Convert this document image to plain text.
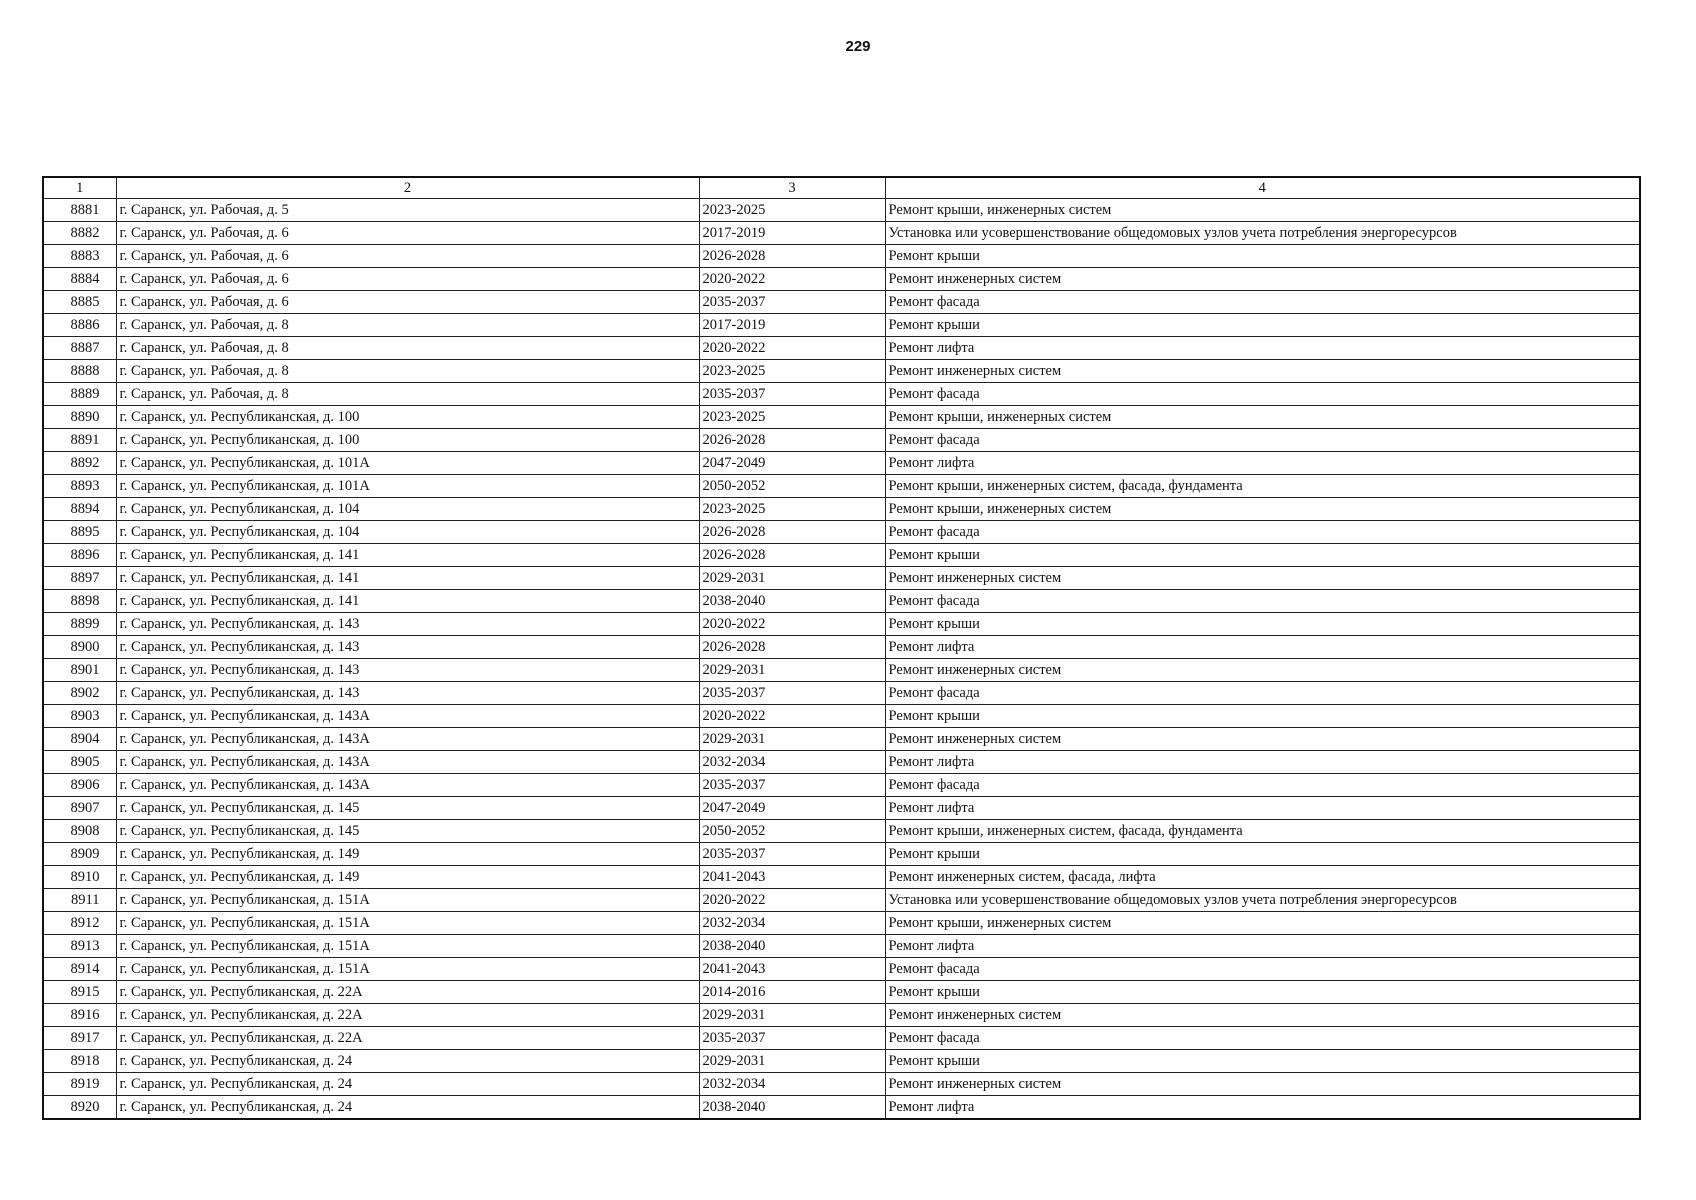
229
1	2	3	4
8881	г. Саранск, ул. Рабочая, д. 5	2023-2025	Ремонт крыши, инженерных систем
8882	г. Саранск, ул. Рабочая, д. 6	2017-2019	Установка или усовершенствование общедомовых узлов учета потребления энергоресурсов
8883	г. Саранск, ул. Рабочая, д. 6	2026-2028	Ремонт крыши
8884	г. Саранск, ул. Рабочая, д. 6	2020-2022	Ремонт инженерных систем
8885	г. Саранск, ул. Рабочая, д. 6	2035-2037	Ремонт фасада
8886	г. Саранск, ул. Рабочая, д. 8	2017-2019	Ремонт крыши
8887	г. Саранск, ул. Рабочая, д. 8	2020-2022	Ремонт лифта
8888	г. Саранск, ул. Рабочая, д. 8	2023-2025	Ремонт инженерных систем
8889	г. Саранск, ул. Рабочая, д. 8	2035-2037	Ремонт фасада
8890	г. Саранск, ул. Республиканская, д. 100	2023-2025	Ремонт крыши, инженерных систем
8891	г. Саранск, ул. Республиканская, д. 100	2026-2028	Ремонт фасада
8892	г. Саранск, ул. Республиканская, д. 101А	2047-2049	Ремонт лифта
8893	г. Саранск, ул. Республиканская, д. 101А	2050-2052	Ремонт крыши, инженерных систем, фасада, фундамента
8894	г. Саранск, ул. Республиканская, д. 104	2023-2025	Ремонт крыши, инженерных систем
8895	г. Саранск, ул. Республиканская, д. 104	2026-2028	Ремонт фасада
8896	г. Саранск, ул. Республиканская, д. 141	2026-2028	Ремонт крыши
8897	г. Саранск, ул. Республиканская, д. 141	2029-2031	Ремонт инженерных систем
8898	г. Саранск, ул. Республиканская, д. 141	2038-2040	Ремонт фасада
8899	г. Саранск, ул. Республиканская, д. 143	2020-2022	Ремонт крыши
8900	г. Саранск, ул. Республиканская, д. 143	2026-2028	Ремонт лифта
8901	г. Саранск, ул. Республиканская, д. 143	2029-2031	Ремонт инженерных систем
8902	г. Саранск, ул. Республиканская, д. 143	2035-2037	Ремонт фасада
8903	г. Саранск, ул. Республиканская, д. 143А	2020-2022	Ремонт крыши
8904	г. Саранск, ул. Республиканская, д. 143А	2029-2031	Ремонт инженерных систем
8905	г. Саранск, ул. Республиканская, д. 143А	2032-2034	Ремонт лифта
8906	г. Саранск, ул. Республиканская, д. 143А	2035-2037	Ремонт фасада
8907	г. Саранск, ул. Республиканская, д. 145	2047-2049	Ремонт лифта
8908	г. Саранск, ул. Республиканская, д. 145	2050-2052	Ремонт крыши, инженерных систем, фасада, фундамента
8909	г. Саранск, ул. Республиканская, д. 149	2035-2037	Ремонт крыши
8910	г. Саранск, ул. Республиканская, д. 149	2041-2043	Ремонт инженерных систем, фасада, лифта
8911	г. Саранск, ул. Республиканская, д. 151А	2020-2022	Установка или усовершенствование общедомовых узлов учета потребления энергоресурсов
8912	г. Саранск, ул. Республиканская, д. 151А	2032-2034	Ремонт крыши, инженерных систем
8913	г. Саранск, ул. Республиканская, д. 151А	2038-2040	Ремонт лифта
8914	г. Саранск, ул. Республиканская, д. 151А	2041-2043	Ремонт фасада
8915	г. Саранск, ул. Республиканская, д. 22А	2014-2016	Ремонт крыши
8916	г. Саранск, ул. Республиканская, д. 22А	2029-2031	Ремонт инженерных систем
8917	г. Саранск, ул. Республиканская, д. 22А	2035-2037	Ремонт фасада
8918	г. Саранск, ул. Республиканская, д. 24	2029-2031	Ремонт крыши
8919	г. Саранск, ул. Республиканская, д. 24	2032-2034	Ремонт инженерных систем
8920	г. Саранск, ул. Республиканская, д. 24	2038-2040	Ремонт лифта
